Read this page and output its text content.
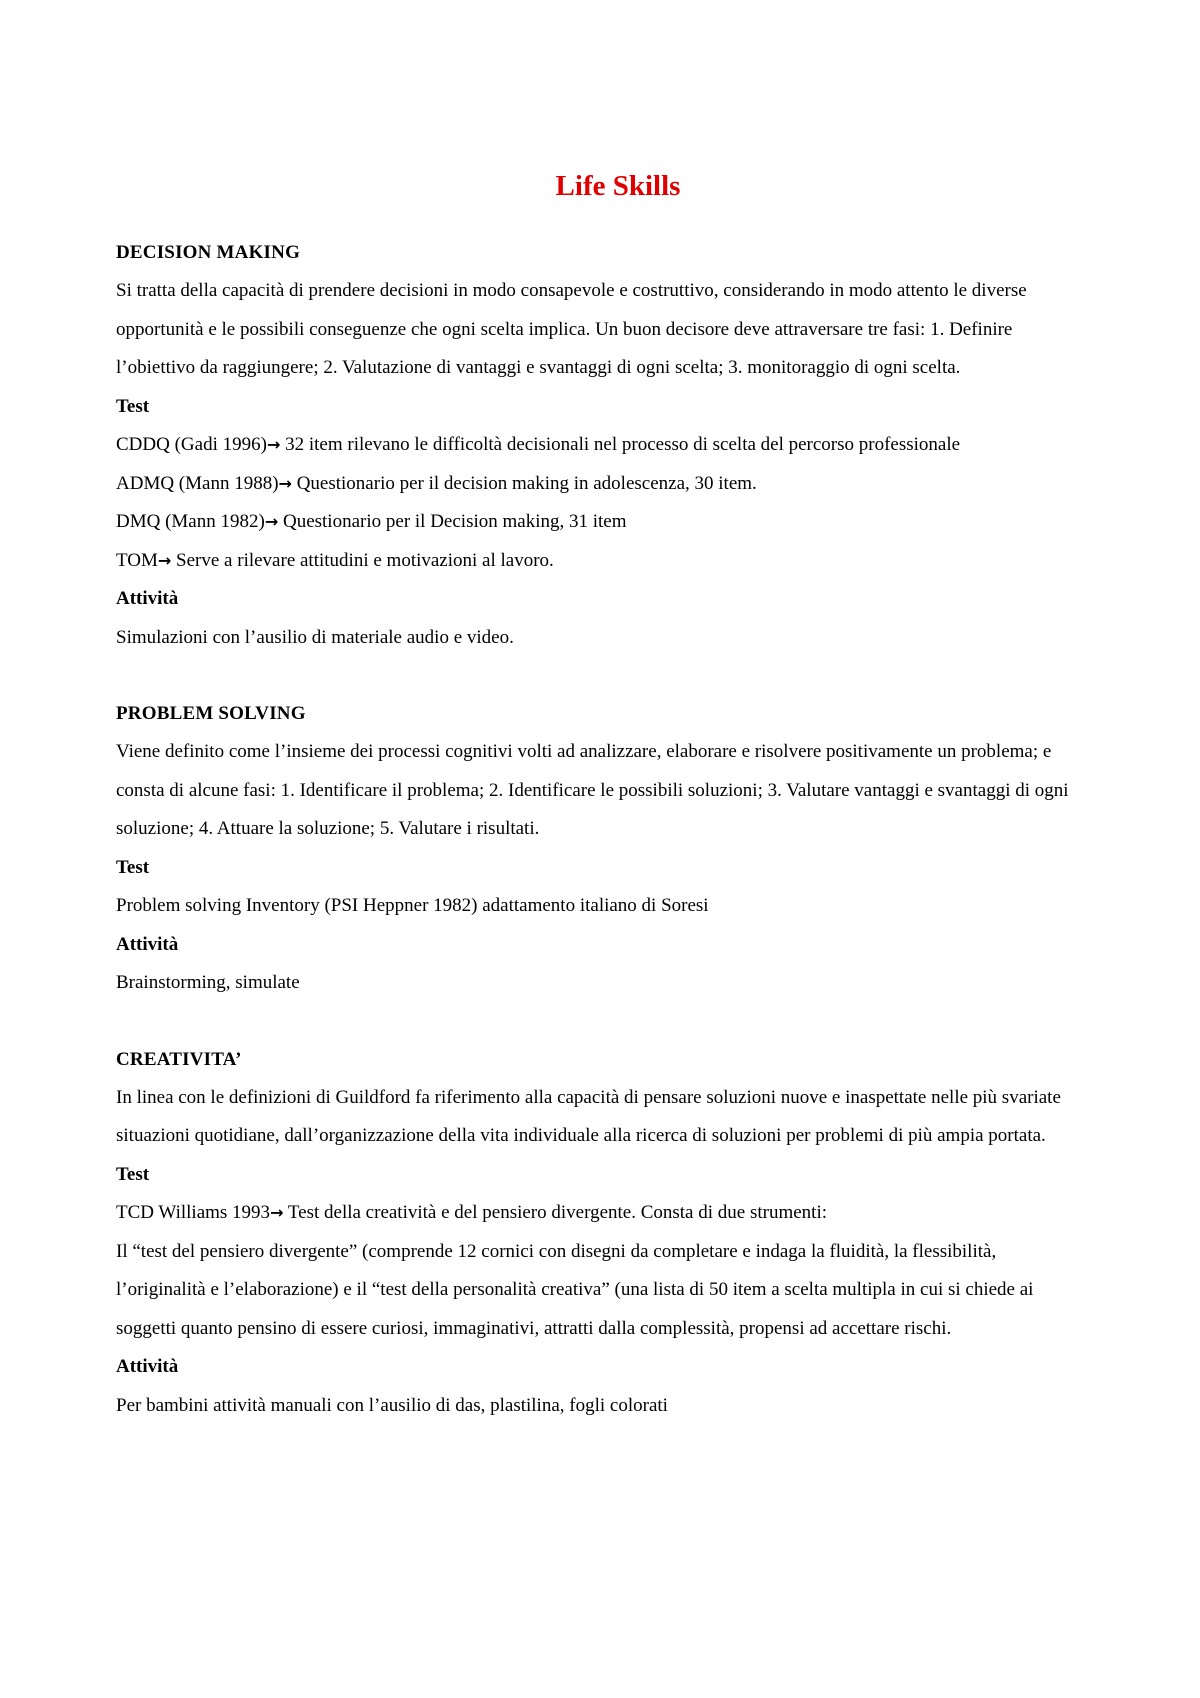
Life Skills

DECISION MAKING

Si tratta della capacità di prendere decisioni in modo consapevole e costruttivo, considerando in modo attento le diverse opportunità e le possibili conseguenze che ogni scelta implica. Un buon decisore deve attraversare tre fasi: 1. Definire l’obiettivo da raggiungere; 2. Valutazione di vantaggi e svantaggi di ogni scelta; 3. monitoraggio di ogni scelta.

Test

CDDQ (Gadi 1996)→ 32 item rilevano le difficoltà decisionali nel processo di scelta del percorso professionale

ADMQ (Mann 1988)→ Questionario per il decision making in adolescenza, 30 item.

DMQ (Mann 1982)→ Questionario per il Decision making, 31 item

TOM→ Serve a rilevare attitudini e motivazioni al lavoro.

Attività

Simulazioni con l’ausilio di materiale audio e video.

PROBLEM SOLVING

Viene definito come l’insieme dei processi cognitivi volti ad analizzare, elaborare e risolvere positivamente un problema; e consta di alcune fasi: 1. Identificare il problema; 2. Identificare le possibili soluzioni; 3. Valutare vantaggi e svantaggi di ogni soluzione; 4. Attuare la soluzione; 5. Valutare i risultati.

Test

Problem solving Inventory (PSI Heppner 1982) adattamento italiano di Soresi

Attività

Brainstorming, simulate

CREATIVITA’

In linea con le definizioni di Guildford fa riferimento alla capacità di pensare soluzioni nuove e inaspettate nelle più svariate situazioni quotidiane, dall’organizzazione della vita individuale alla ricerca di soluzioni per problemi di più ampia portata.

Test

TCD Williams 1993→ Test della creatività e del pensiero divergente. Consta di due strumenti:

Il “test del pensiero divergente” (comprende 12 cornici con disegni da completare e indaga la fluidità, la flessibilità, l’originalità e l’elaborazione) e il “test della personalità creativa” (una lista di 50 item a scelta multipla in cui si chiede ai soggetti quanto pensino di essere curiosi, immaginativi, attratti dalla complessità, propensi ad accettare rischi.

Attività

Per bambini attività manuali con l’ausilio di das, plastilina, fogli colorati
